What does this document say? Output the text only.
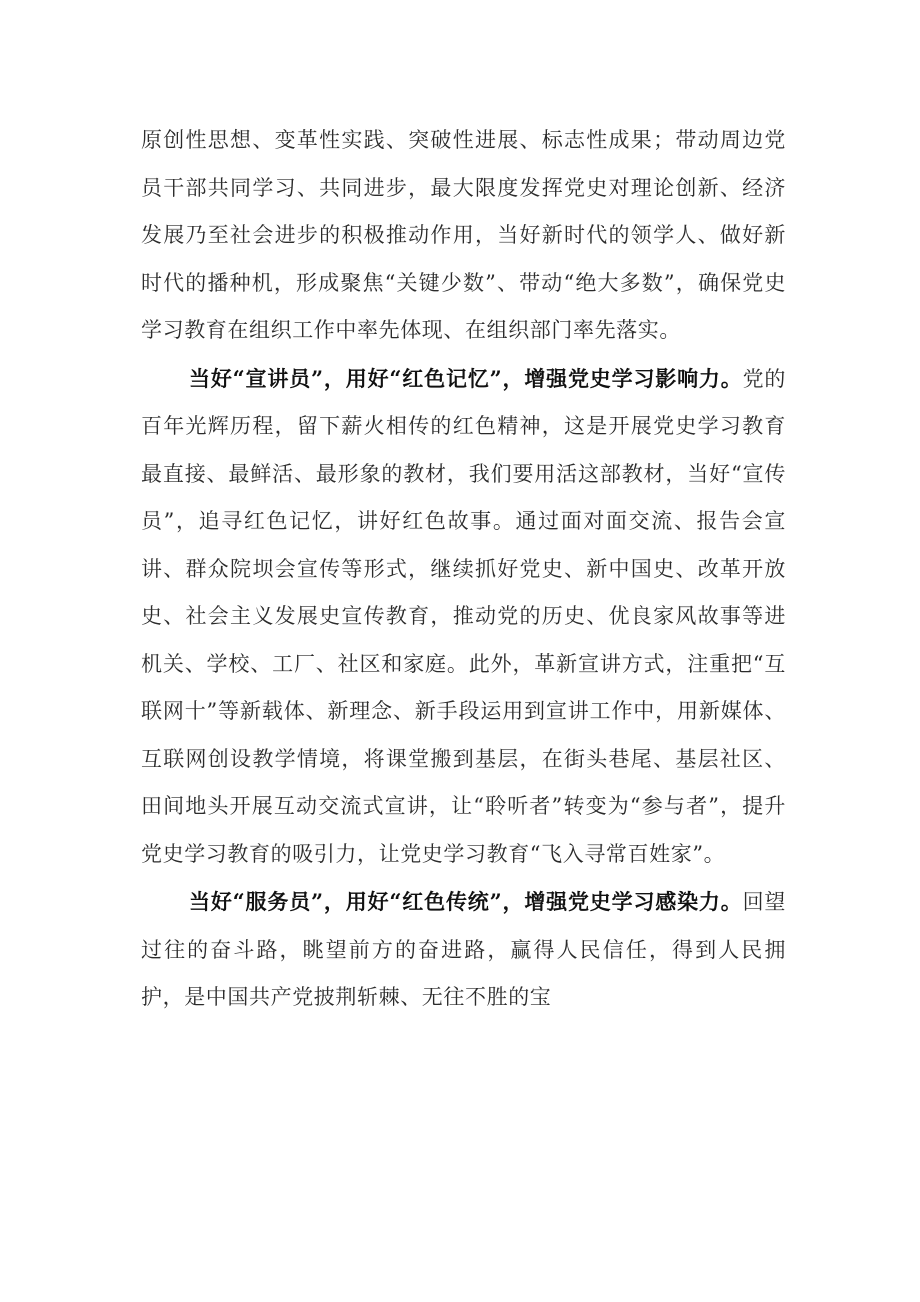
原创性思想、变革性实践、突破性进展、标志性成果；带动周边党员干部共同学习、共同进步，最大限度发挥党史对理论创新、经济发展乃至社会进步的积极推动作用，当好新时代的领学人、做好新时代的播种机，形成聚焦“关键少数”、带动“绝大多数”，确保党史学习教育在组织工作中率先体现、在组织部门率先落实。

当好“宣讲员”，用好“红色记忆”，增强党史学习影响力。党的百年光辉历程，留下薪火相传的红色精神，这是开展党史学习教育最直接、最鲜活、最形象的教材，我们要用活这部教材，当好“宣传员”，追寻红色记忆，讲好红色故事。通过面对面交流、报告会宣讲、群众院坝会宣传等形式，继续抓好党史、新中国史、改革开放史、社会主义发展史宣传教育，推动党的历史、优良家风故事等进机关、学校、工厂、社区和家庭。此外，革新宣讲方式，注重把“互联网十”等新载体、新理念、新手段运用到宣讲工作中，用新媒体、互联网创设教学情境，将课堂搬到基层，在街头巷尾、基层社区、田间地头开展互动交流式宣讲，让“聆听者”转变为“参与者”，提升党史学习教育的吸引力，让党史学习教育“飞入寻常百姓家”。

当好“服务员”，用好“红色传统”，增强党史学习感染力。回望过往的奋斗路，眺望前方的奋进路，赢得人民信任，得到人民拥护，是中国共产党披荆斩棘、无往不胜的宝
